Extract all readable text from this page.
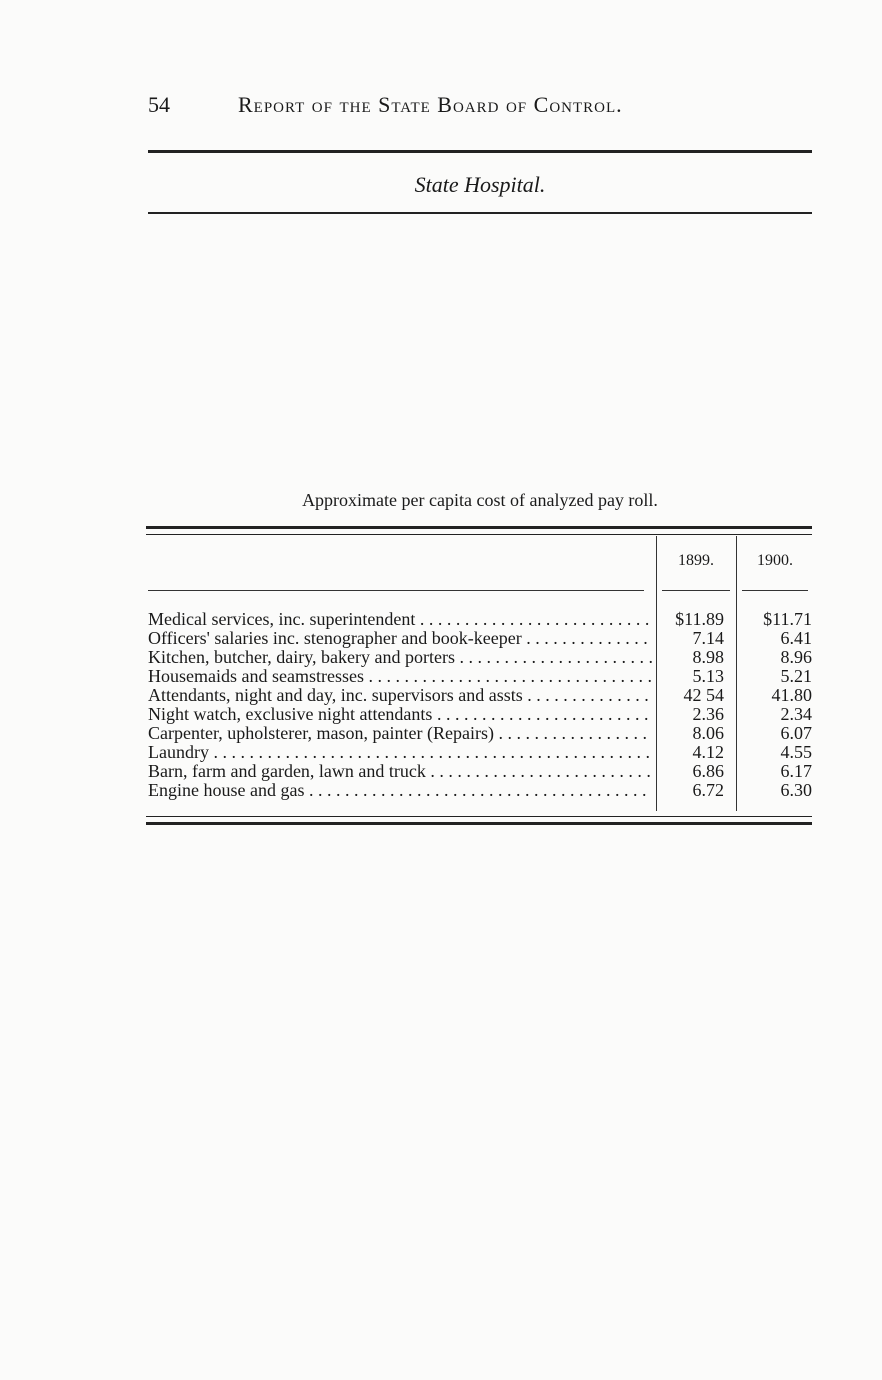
54	Report of the State Board of Control.
State Hospital.
Approximate per capita cost of analyzed pay roll.
1899.	1900.
Medical services, inc. superintendent . . .	$11.89	$11.71
Officers' salaries inc. stenographer and book-keeper . . .	7.14	6.41
Kitchen, butcher, dairy, bakery and porters . . .	8.98	8.96
Housemaids and seamstresses . . .	5.13	5.21
Attendants, night and day, inc. supervisors and assts . . .	42 54	41.80
Night watch, exclusive night attendants . . .	2.36	2.34
Carpenter, upholsterer, mason, painter (Repairs) . . .	8.06	6.07
Laundry . . .	4.12	4.55
Barn, farm and garden, lawn and truck . . .	6.86	6.17
Engine house and gas . . .	6.72	6.30
